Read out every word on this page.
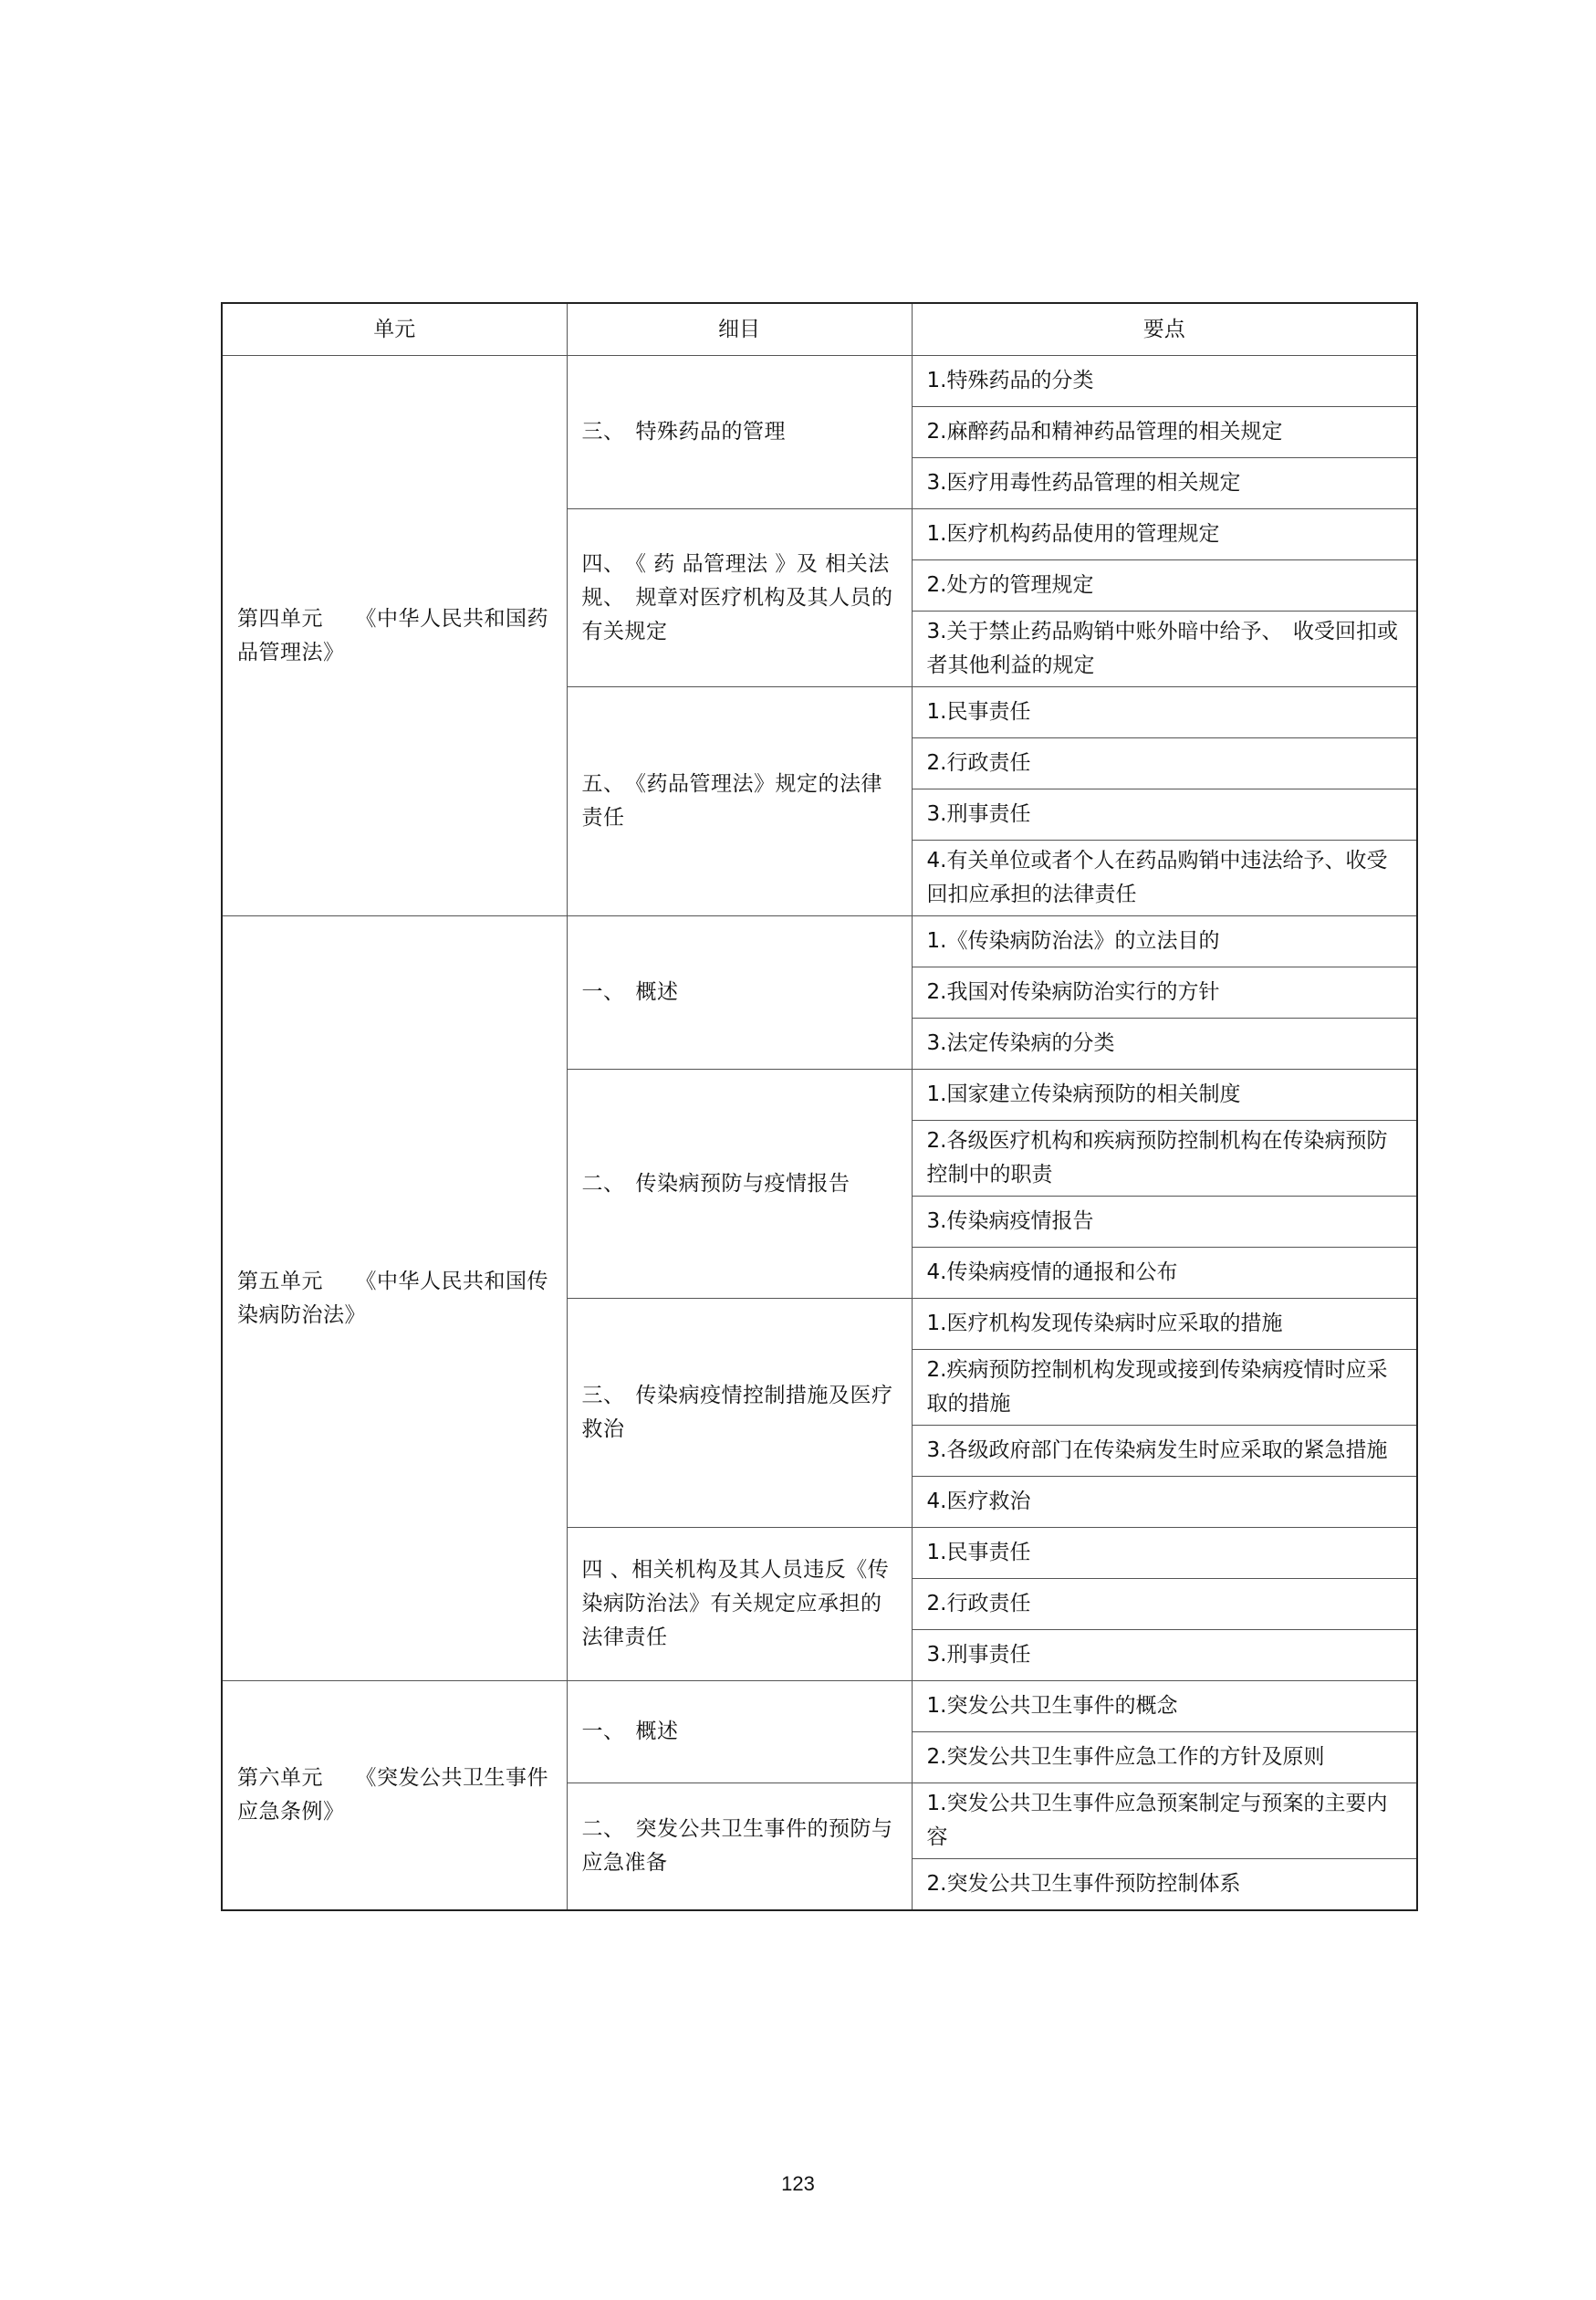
单元	细目	要点
第四单元　　《中华人民共和国药 品管理法》	三、　特殊药品的管理	1.特殊药品的分类
		2.麻醉药品和精神药品管理的相关规定
		3.医疗用毒性药品管理的相关规定
	四、　《 药 品管理法 》及 相关法 规、　规章对医疗机构及其人员的 有关规定	1.医疗机构药品使用的管理规定
		2.处方的管理规定
		3.关于禁止药品购销中账外暗中给予、　收受回扣或者其他利益的规定
	五、　《药品管理法》规定的法律责任	1.民事责任
		2.行政责任
		3.刑事责任
		4.有关单位或者个人在药品购销中违法给予、收受回扣应承担的法律责任
第五单元　　《中华人民共和国传 染病防治法》	一、　概述	1.《传染病防治法》的立法目的
		2.我国对传染病防治实行的方针
		3.法定传染病的分类
	二、　传染病预防与疫情报告	1.国家建立传染病预防的相关制度
		2.各级医疗机构和疾病预防控制机构在传染病预防控制中的职责
		3.传染病疫情报告
		4.传染病疫情的通报和公布
	三、　传染病疫情控制措施及医疗救治	1.医疗机构发现传染病时应采取的措施
		2.疾病预防控制机构发现或接到传染病疫情时应采取的措施
		3.各级政府部门在传染病发生时应采取的紧急措施
		4.医疗救治
	四 、相关机构及其人员违反《传染病防治法》有关规定应承担的法律责任	1.民事责任
		2.行政责任
		3.刑事责任
第六单元　　《突发公共卫生事件 应急条例》	一、　概述	1.突发公共卫生事件的概念
		2.突发公共卫生事件应急工作的方针及原则
	二、　突发公共卫生事件的预防与应急准备	1.突发公共卫生事件应急预案制定与预案的主要内容
		2.突发公共卫生事件预防控制体系
123
